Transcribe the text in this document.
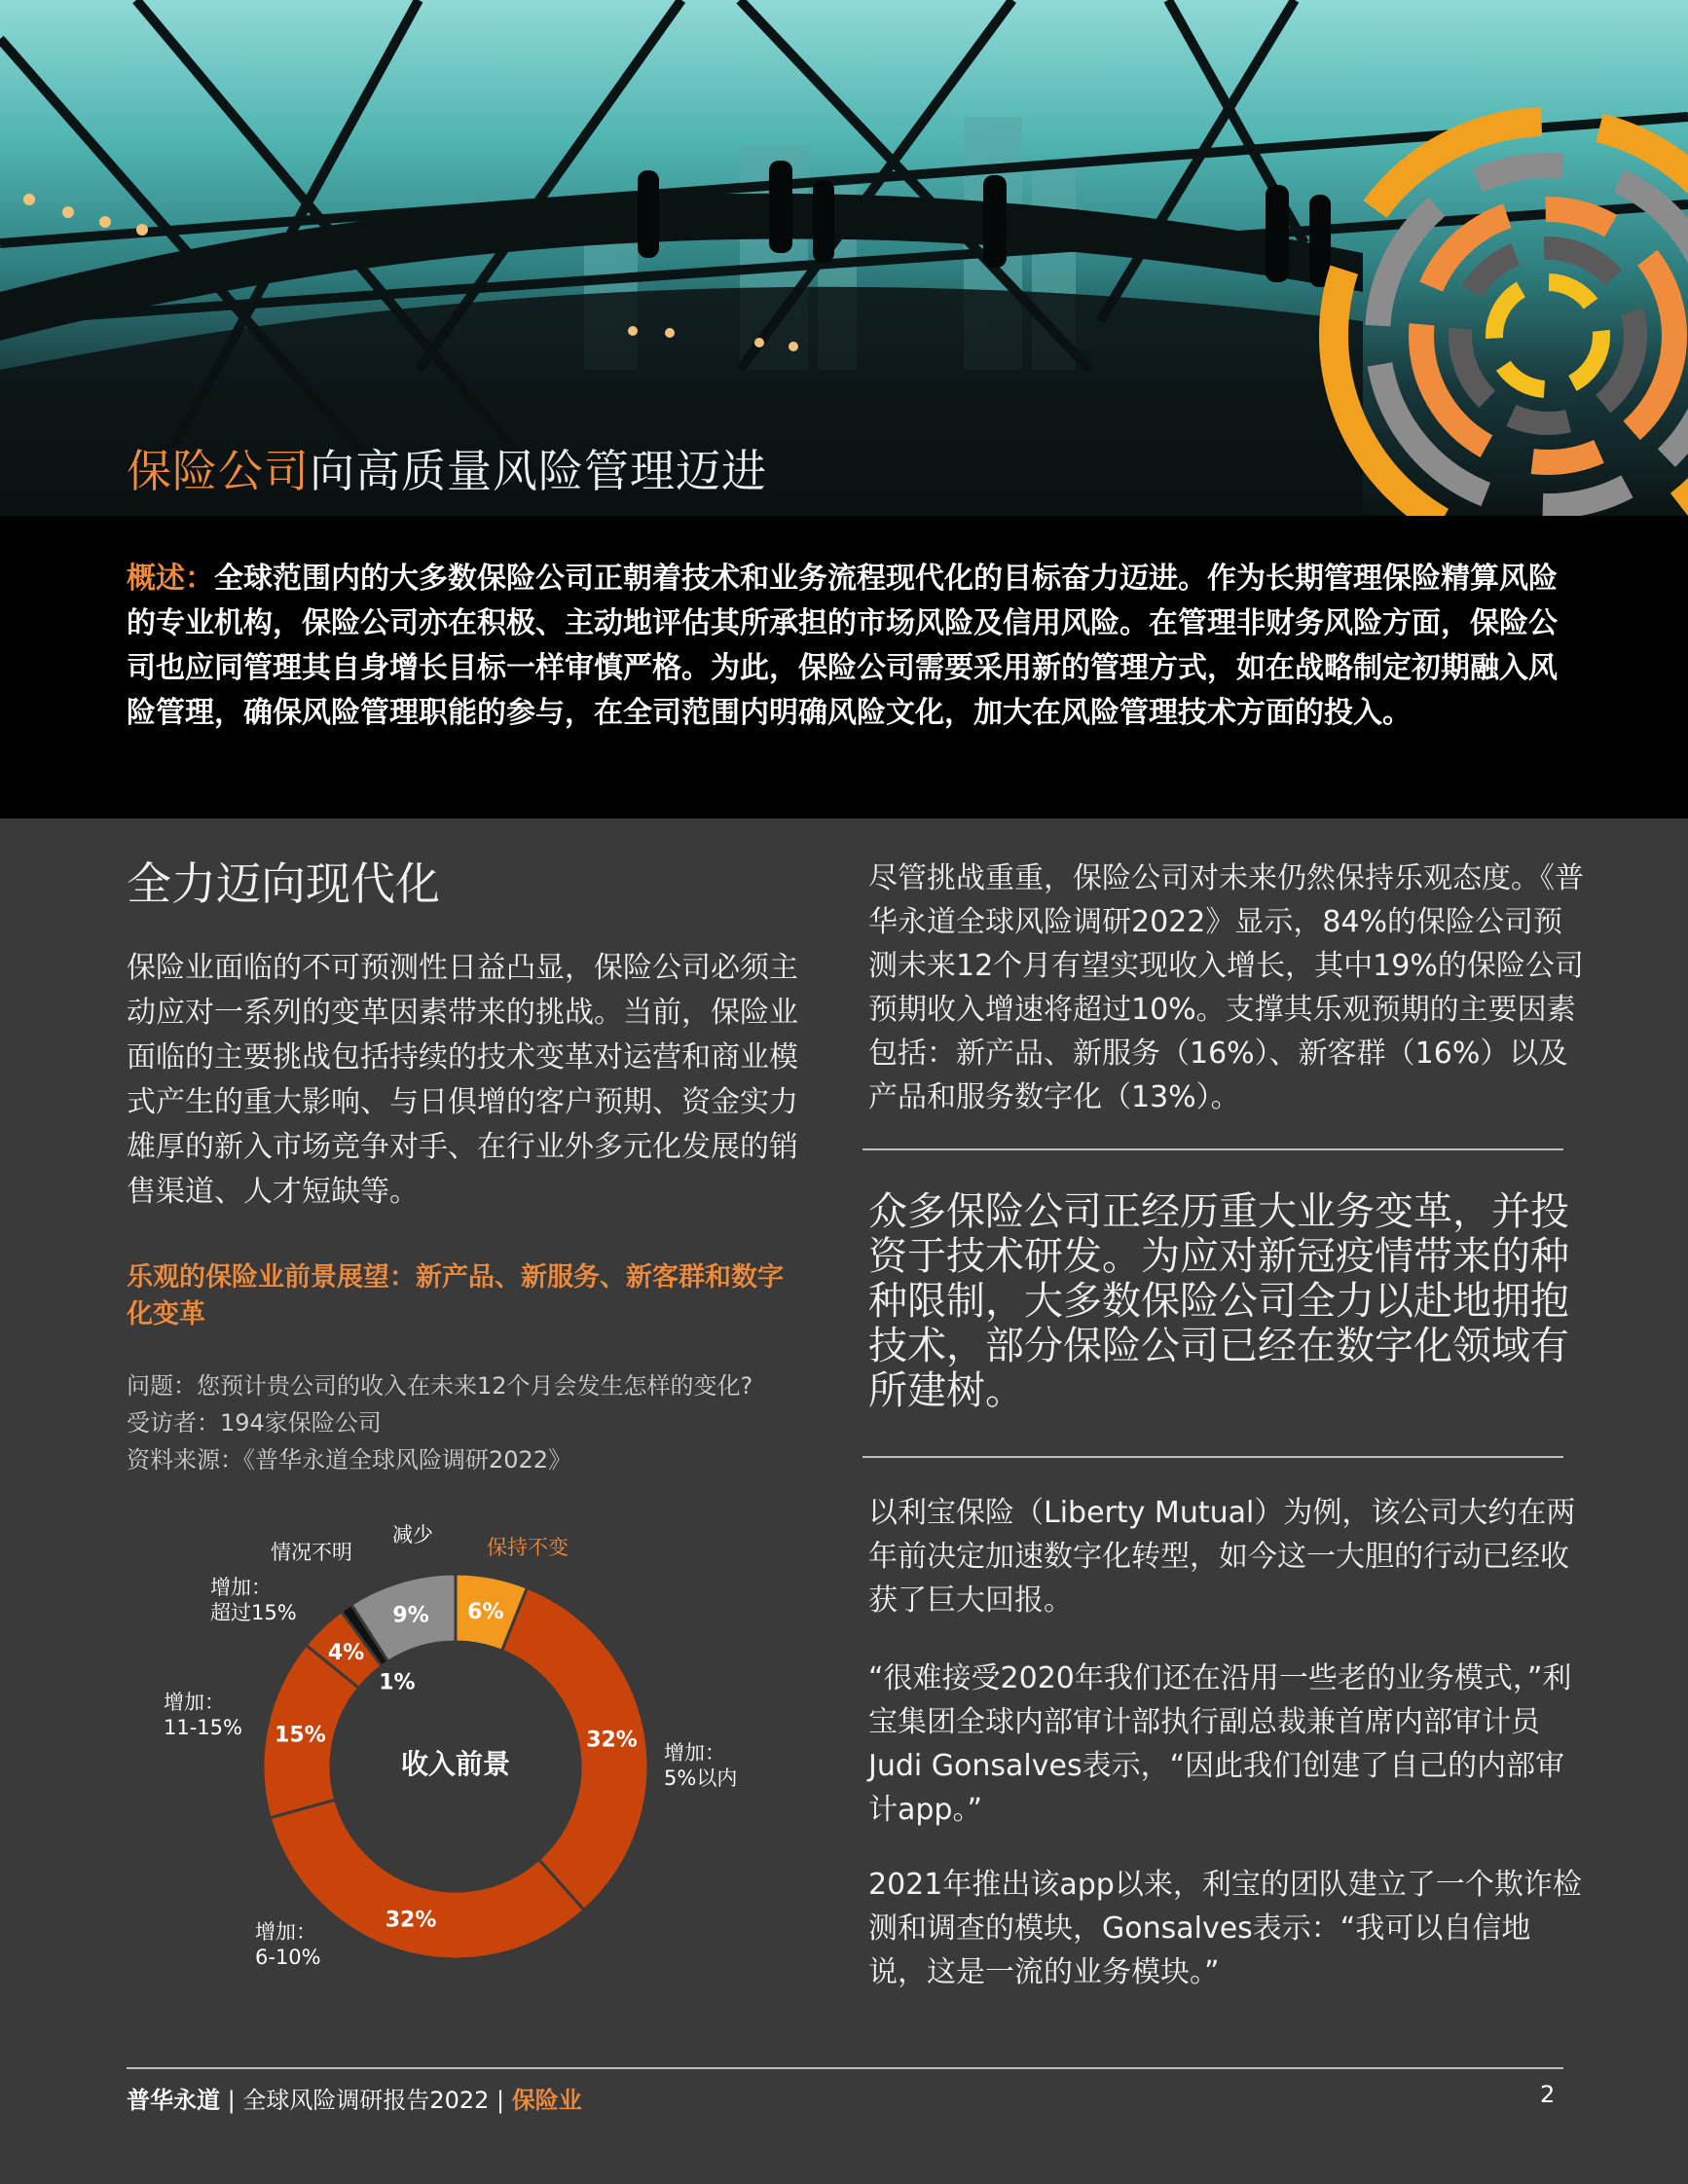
保险公司向高质量风险管理迈进

概述：全球范围内的大多数保险公司正朝着技术和业务流程现代化的目标奋力迈进。作为长期管理保险精算风险的专业机构，保险公司亦在积极、主动地评估其所承担的市场风险及信用风险。在管理非财务风险方面，保险公司也应同管理其自身增长目标一样审慎严格。为此，保险公司需要采用新的管理方式，如在战略制定初期融入风险管理，确保风险管理职能的参与，在全司范围内明确风险文化，加大在风险管理技术方面的投入。

全力迈向现代化

保险业面临的不可预测性日益凸显，保险公司必须主动应对一系列的变革因素带来的挑战。当前，保险业面临的主要挑战包括持续的技术变革对运营和商业模式产生的重大影响、与日俱增的客户预期、资金实力雄厚的新入市场竞争对手、在行业外多元化发展的销售渠道、人才短缺等。

乐观的保险业前景展望：新产品、新服务、新客群和数字化变革

问题：您预计贵公司的收入在未来12个月会发生怎样的变化?

受访者：194家保险公司

资料来源：《普华永道全球风险调研2022》

6%
32%
32%
15%
4%
1%
9%
保持不变
增加： 5%以内
增加： 6-10%
增加： 11-15%
增加：超过15%
情况不明
减少
收入前景

尽管挑战重重，保险公司对未来仍然保持乐观态度。《普华永道全球风险调研2022》显示，84%的保险公司预测未来12个月有望实现收入增长，其中19%的保险公司预期收入增速将超过10%。支撑其乐观预期的主要因素包括：新产品、新服务（16%）、新客群（16%）以及产品和服务数字化（13%）。

众多保险公司正经历重大业务变革，并投资于技术研发。为应对新冠疫情带来的种种限制，大多数保险公司全力以赴地拥抱技术，部分保险公司已经在数字化领域有所建树。

以利宝保险（Liberty Mutual）为例，该公司大约在两年前决定加速数字化转型，如今这一大胆的行动已经收获了巨大回报。

“很难接受2020年我们还在沿用一些老的业务模式，”利宝集团全球内部审计部执行副总裁兼首席内部审计员Judi Gonsalves表示，“因此我们创建了自己的内部审计app。”

2021年推出该app以来，利宝的团队建立了一个欺诈检测和调查的模块，Gonsalves表示：“我可以自信地说，这是一流的业务模块。”

普华永道 | 全球风险调研报告2022 | 保险业	2
